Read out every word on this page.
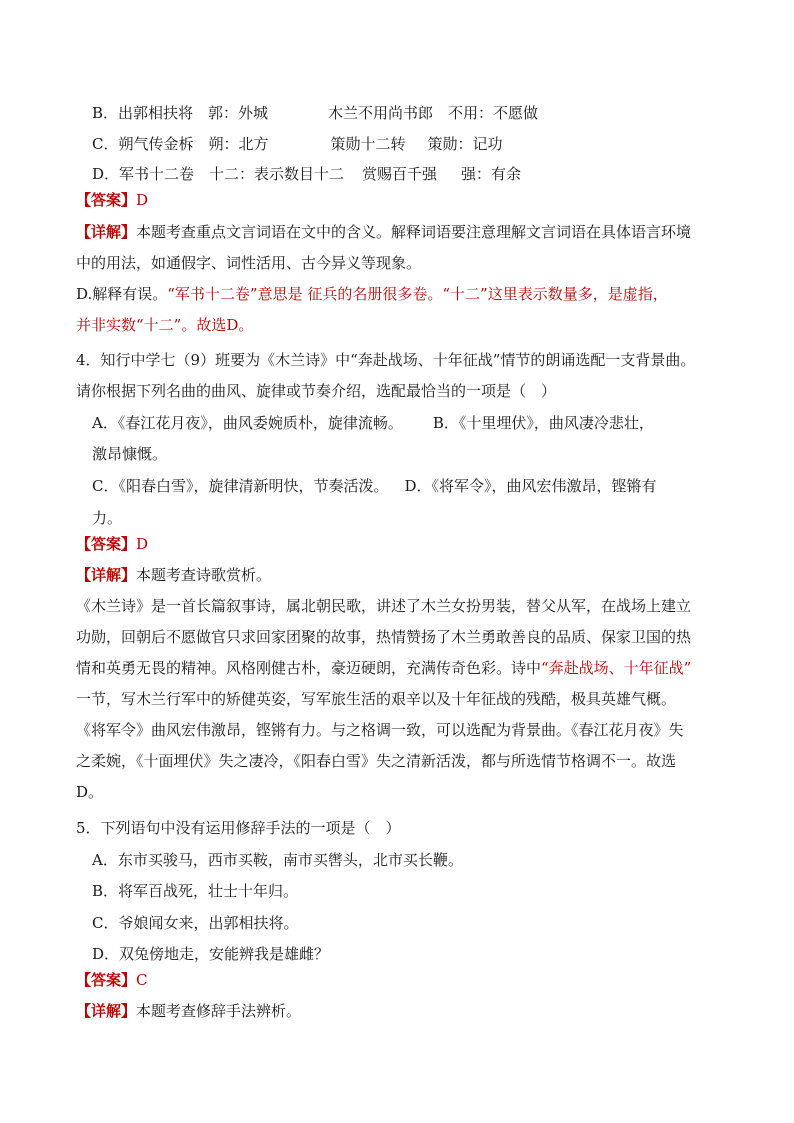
B．出郭相扶将　郭：外城	木兰不用尚书郎　不用：不愿做
C．朔气传金柝　朔：北方	策勋十二转 策勋：记功
D．军书十二卷　十二：表示数目十二 赏赐百千强 强：有余
【答案】D
【详解】本题考查重点文言词语在文中的含义。解释词语要注意理解文言词语在具体语言环境
中的用法，如通假字、词性活用、古今异义等现象。
D.解释有误。“军书十二卷”意思是 征兵的名册很多卷。“十二”这里表示数量多，是虚指，
并非实数“十二”。故选D。
4．知行中学七（9）班要为《木兰诗》中“奔赴战场、十年征战”情节的朗诵选配一支背景曲。
请你根据下列名曲的曲风、旋律或节奏介绍，选配最恰当的一项是（　）
A．《春江花月夜》，曲风委婉质朴，旋律流畅。 B．《十里埋伏》，曲风凄冷悲壮，
激昂慷慨。
C．《阳春白雪》，旋律清新明快，节奏活泼。 D．《将军令》，曲风宏伟激昂，铿锵有
力。
【答案】D
【详解】本题考查诗歌赏析。
《木兰诗》是一首长篇叙事诗，属北朝民歌，讲述了木兰女扮男装，替父从军，在战场上建立
功勋，回朝后不愿做官只求回家团聚的故事，热情赞扬了木兰勇敢善良的品质、保家卫国的热
情和英勇无畏的精神。风格刚健古朴，豪迈硬朗，充满传奇色彩。诗中“奔赴战场、十年征战”
一节，写木兰行军中的矫健英姿，写军旅生活的艰辛以及十年征战的残酷，极具英雄气概。
《将军令》曲风宏伟激昂，铿锵有力。与之格调一致，可以选配为背景曲。《春江花月夜》失
之柔婉，《十面埋伏》失之凄冷，《阳春白雪》失之清新活泼，都与所选情节格调不一。故选
D。
5．下列语句中没有运用修辞手法的一项是（　）
A．东市买骏马，西市买鞍，南市买辔头，北市买长鞭。
B．将军百战死，壮士十年归。
C．爷娘闻女来，出郭相扶将。
D．双兔傍地走，安能辨我是雄雌？
【答案】C
【详解】本题考查修辞手法辨析。
